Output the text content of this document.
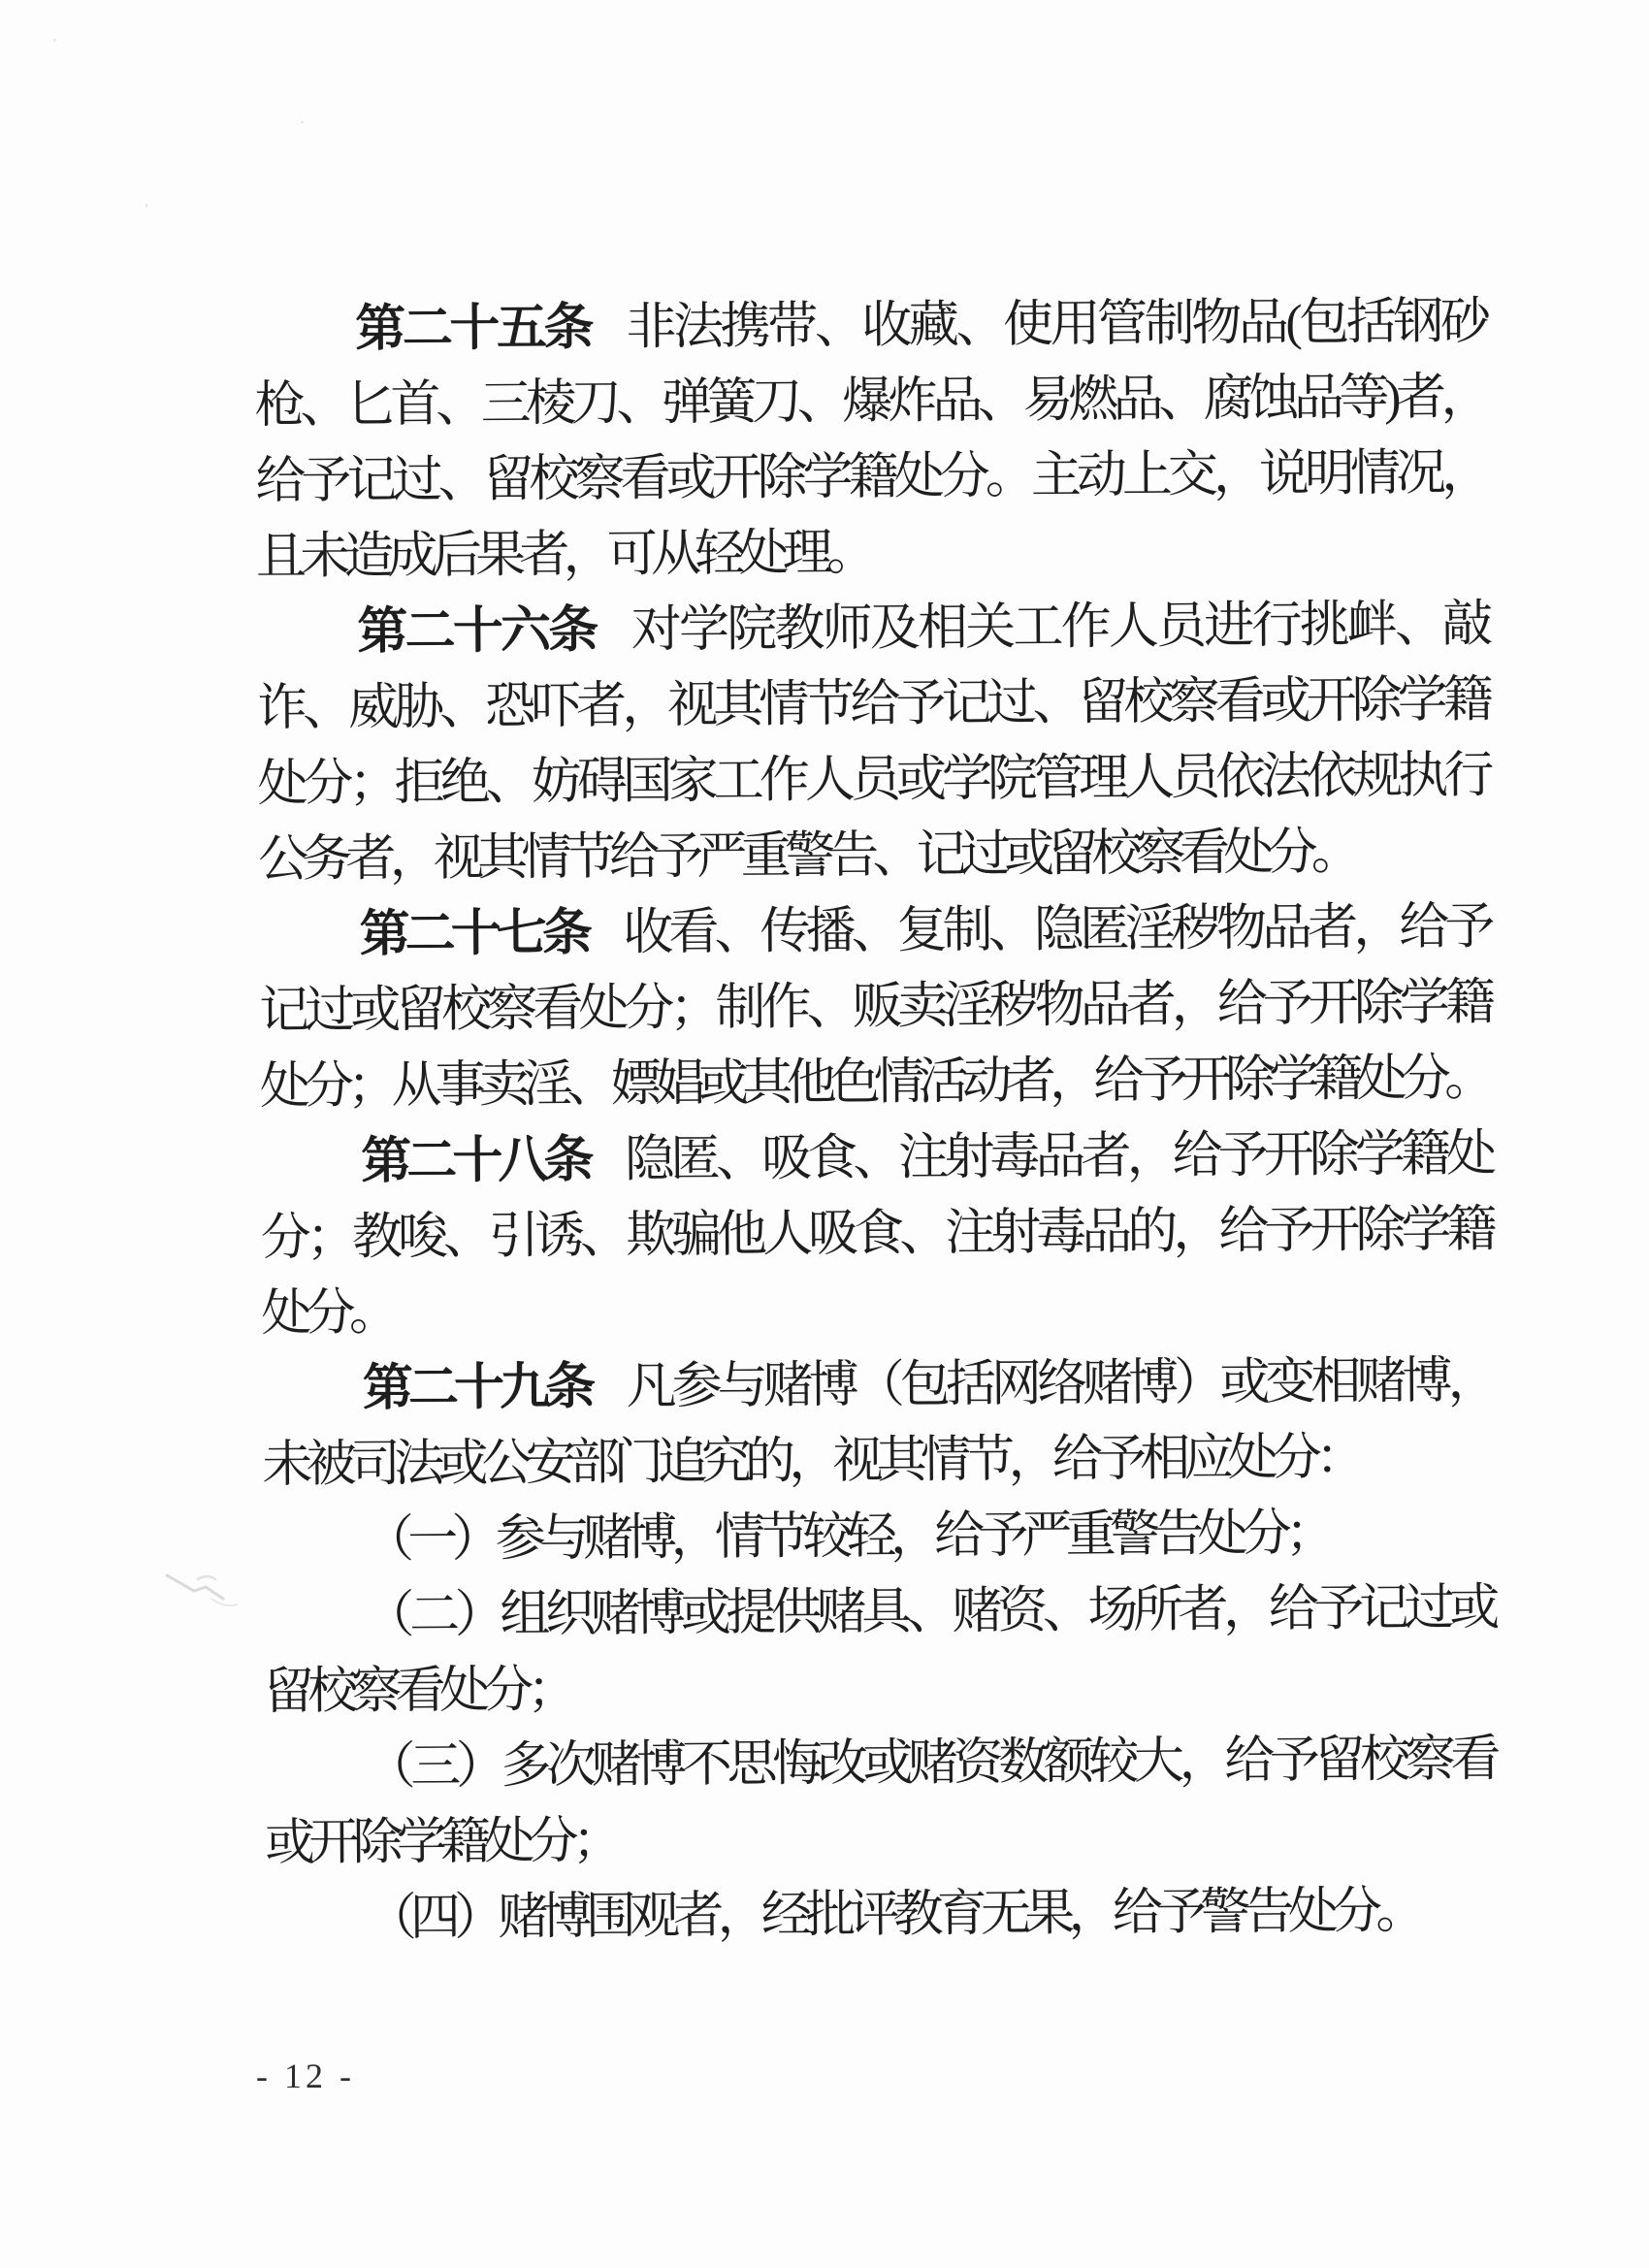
第二十五条 非法携带、收藏、使用管制物品(包括钢砂
枪、匕首、三棱刀、弹簧刀、爆炸品、易燃品、腐蚀品等)者，
给予记过、留校察看或开除学籍处分。主动上交，说明情况，
且未造成后果者，可从轻处理。
第二十六条 对学院教师及相关工作人员进行挑衅、敲
诈、威胁、恐吓者，视其情节给予记过、留校察看或开除学籍
处分；拒绝、妨碍国家工作人员或学院管理人员依法依规执行
公务者，视其情节给予严重警告、记过或留校察看处分。
第二十七条 收看、传播、复制、隐匿淫秽物品者，给予
记过或留校察看处分；制作、贩卖淫秽物品者，给予开除学籍
处分；从事卖淫、嫖娼或其他色情活动者，给予开除学籍处分。
第二十八条 隐匿、吸食、注射毒品者，给予开除学籍处
分；教唆、引诱、欺骗他人吸食、注射毒品的，给予开除学籍
处分。
第二十九条 凡参与赌博（包括网络赌博）或变相赌博，
未被司法或公安部门追究的，视其情节，给予相应处分：
（一）参与赌博，情节较轻，给予严重警告处分；
（二）组织赌博或提供赌具、赌资、场所者，给予记过或
留校察看处分；
（三）多次赌博不思悔改或赌资数额较大，给予留校察看
或开除学籍处分；
（四）赌博围观者，经批评教育无果，给予警告处分。
- 12 -
